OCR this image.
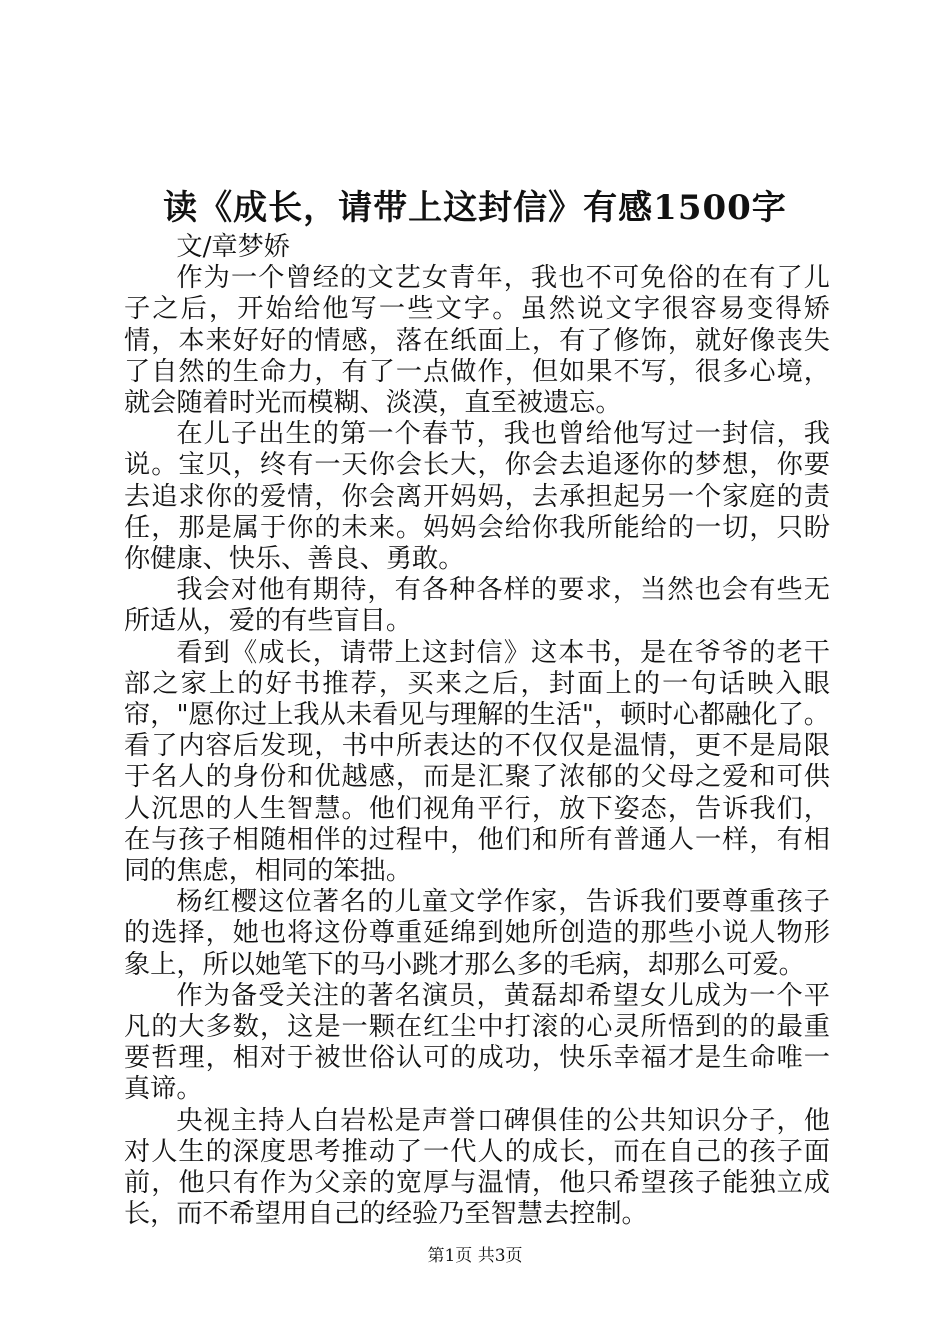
读《成长，请带上这封信》有感1500字

文/章梦娇

作为一个曾经的文艺女青年，我也不可免俗的在有了儿子之后，开始给他写一些文字。虽然说文字很容易变得矫情，本来好好的情感，落在纸面上，有了修饰，就好像丧失了自然的生命力，有了一点做作，但如果不写，很多心境，就会随着时光而模糊、淡漠，直至被遗忘。

在儿子出生的第一个春节，我也曾给他写过一封信，我说。宝贝，终有一天你会长大，你会去追逐你的梦想，你要去追求你的爱情，你会离开妈妈，去承担起另一个家庭的责任，那是属于你的未来。妈妈会给你我所能给的一切，只盼你健康、快乐、善良、勇敢。

我会对他有期待，有各种各样的要求，当然也会有些无所适从，爱的有些盲目。

看到《成长，请带上这封信》这本书，是在爷爷的老干部之家上的好书推荐，买来之后，封面上的一句话映入眼帘，"愿你过上我从未看见与理解的生活"，顿时心都融化了。看了内容后发现，书中所表达的不仅仅是温情，更不是局限于名人的身份和优越感，而是汇聚了浓郁的父母之爱和可供人沉思的人生智慧。他们视角平行，放下姿态，告诉我们，在与孩子相随相伴的过程中，他们和所有普通人一样，有相同的焦虑，相同的笨拙。

杨红樱这位著名的儿童文学作家，告诉我们要尊重孩子的选择，她也将这份尊重延绵到她所创造的那些小说人物形象上，所以她笔下的马小跳才那么多的毛病，却那么可爱。

作为备受关注的著名演员，黄磊却希望女儿成为一个平凡的大多数，这是一颗在红尘中打滚的心灵所悟到的的最重要哲理，相对于被世俗认可的成功，快乐幸福才是生命唯一真谛。

央视主持人白岩松是声誉口碑俱佳的公共知识分子，他对人生的深度思考推动了一代人的成长，而在自己的孩子面前，他只有作为父亲的宽厚与温情，他只希望孩子能独立成长，而不希望用自己的经验乃至智慧去控制。

第1页 共3页
